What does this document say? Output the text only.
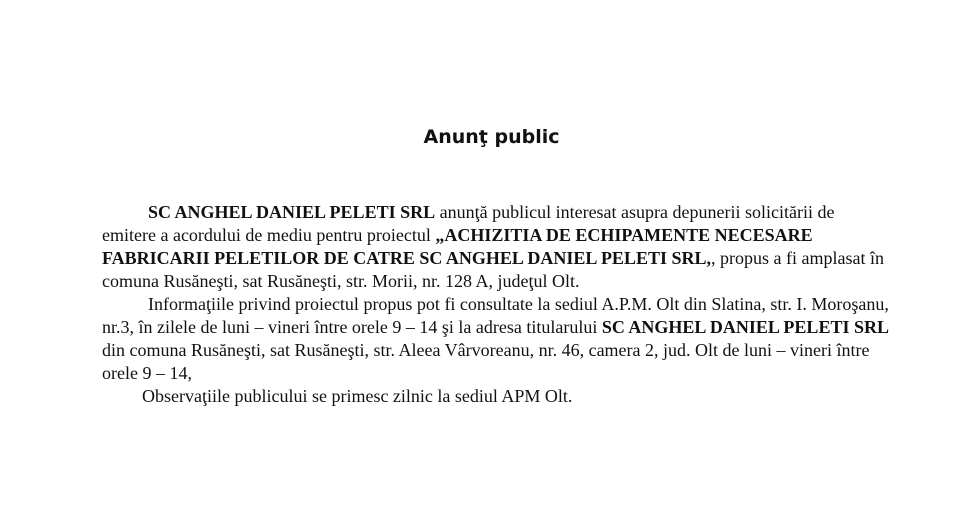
Anunţ public

SC ANGHEL DANIEL PELETI SRL anunţă publicul interesat asupra depunerii solicitării de emitere a acordului de mediu pentru proiectul „ACHIZITIA DE ECHIPAMENTE NECESARE FABRICARII PELETILOR DE CATRE SC ANGHEL DANIEL PELETI SRL,, propus a fi amplasat în comuna Rusăneşti, sat Rusăneşti, str. Morii, nr. 128 A, judeţul Olt.

Informaţiile privind proiectul propus pot fi consultate la sediul A.P.M. Olt din Slatina, str. I. Moroşanu, nr.3, în zilele de luni – vineri între orele 9 – 14 şi la adresa titularului SC ANGHEL DANIEL PELETI SRL din comuna Rusăneşti, sat Rusăneşti, str. Aleea Vârvoreanu, nr. 46, camera 2, jud. Olt de luni – vineri între orele 9 – 14,

Observaţiile publicului se primesc zilnic la sediul APM Olt.
